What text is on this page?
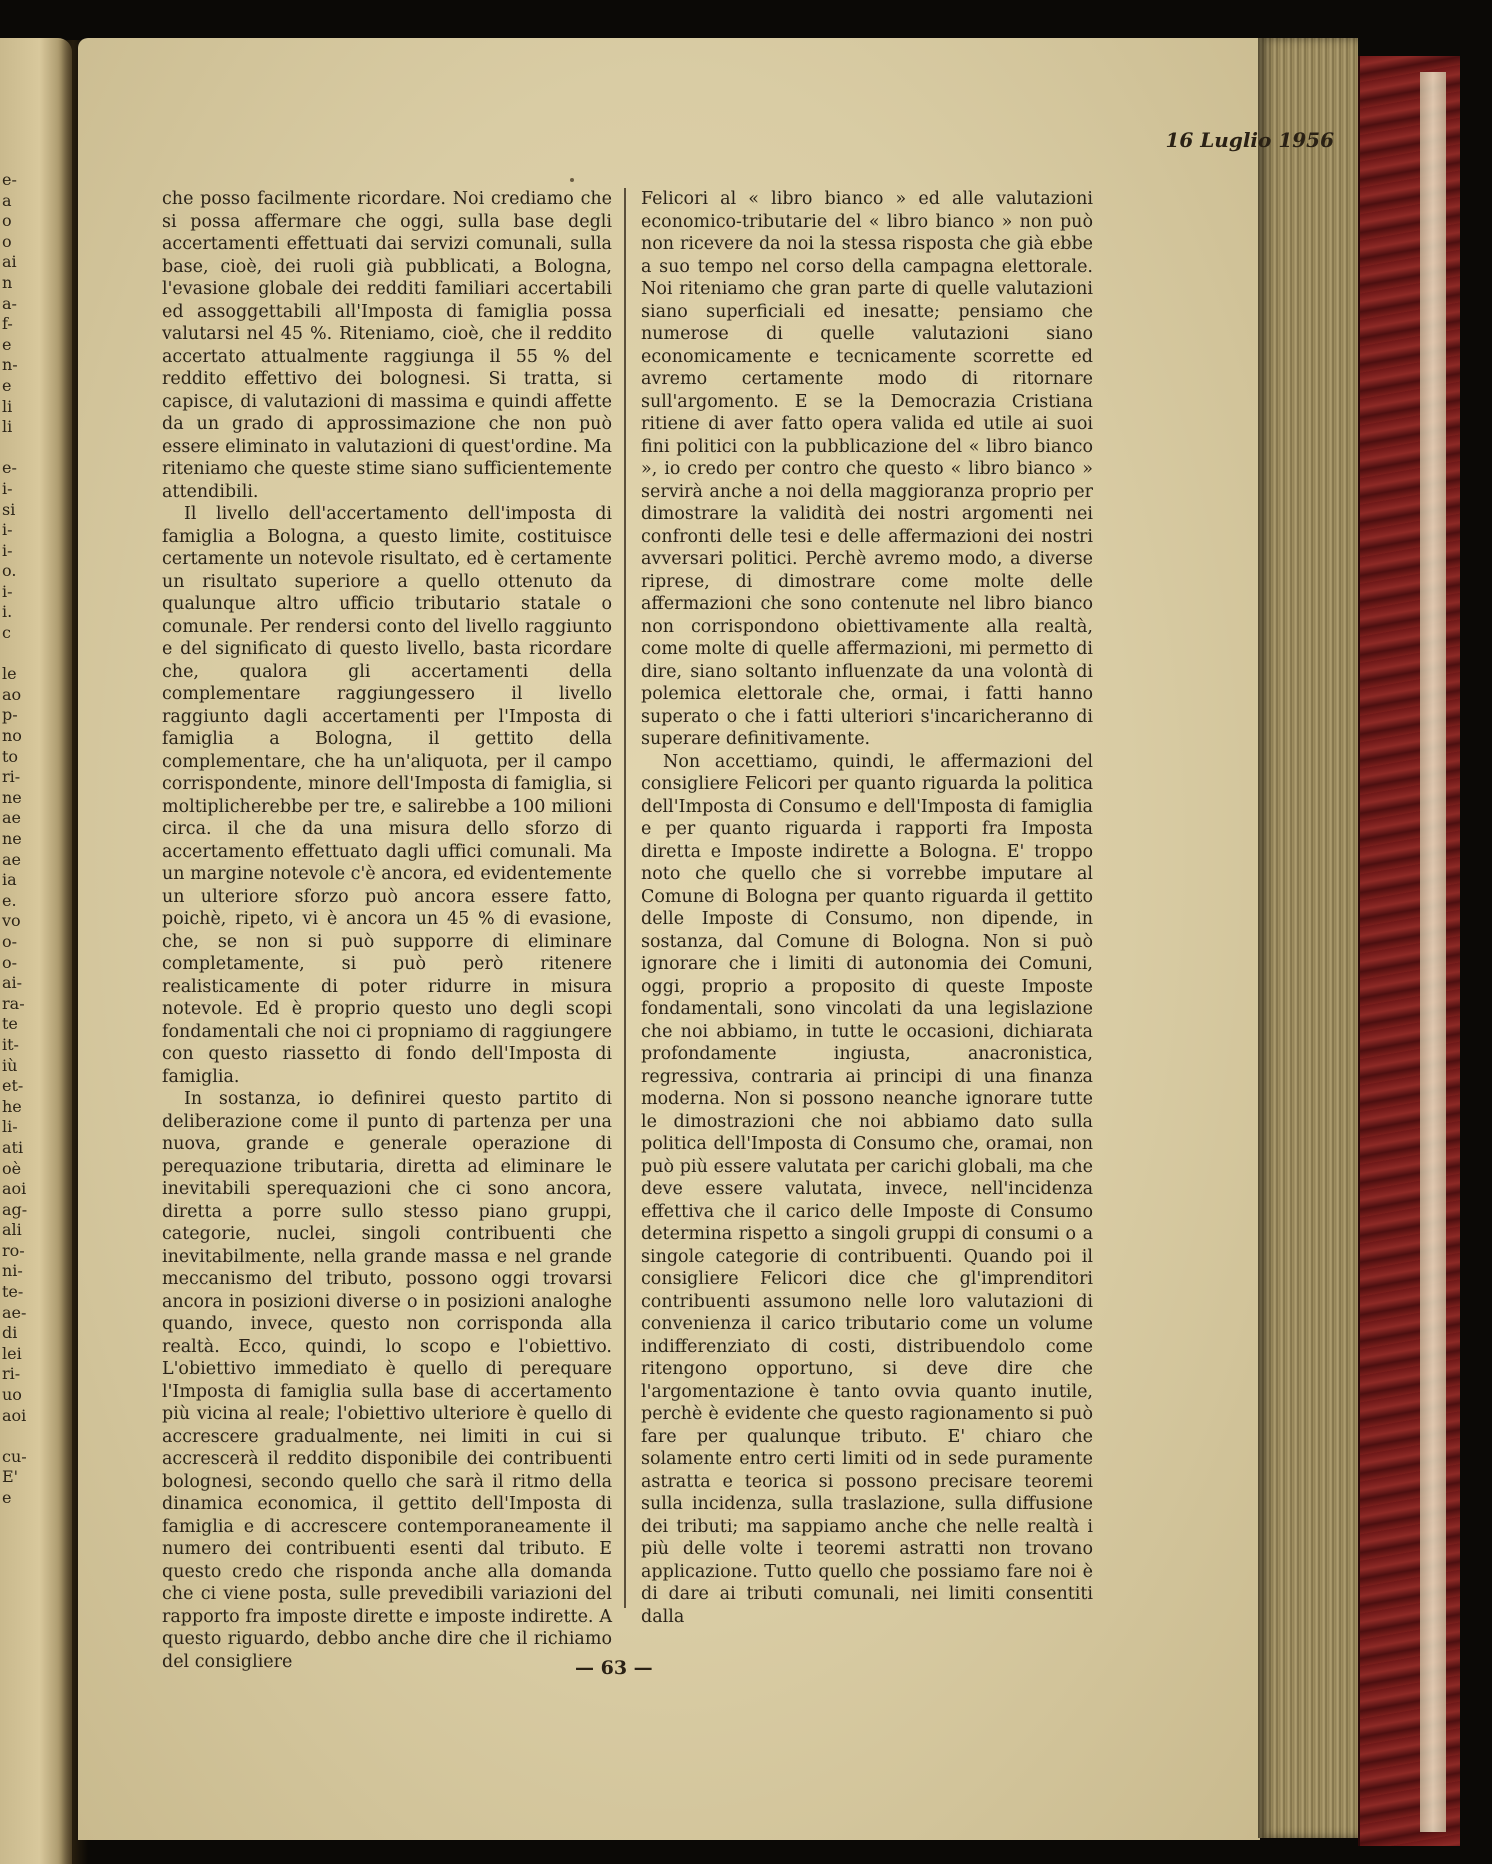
e-
a
o
o
ai
n
a-
f-
e
n-
e
li
li

e-
i-
si
i-
i-
o.
i-
i.
c

le
ao
p-
no
to
ri-
ne
ae
ne
ae
ia
e.
vo
o-
o-
ai-
ra-
te
it-
iù
et-
he
li-
ati
oè
aoi
ag-
ali
ro-
ni-
te-
ae-
di
lei
ri-
uo
aoi

cu-
E'
e
16 Luglio 1956

che posso facilmente ricordare. Noi crediamo che si possa affermare che oggi, sulla base degli accertamenti effettuati dai servizi comunali, sulla base, cioè, dei ruoli già pubblicati, a Bologna, l'evasione globale dei redditi familiari accertabili ed assoggettabili all'Imposta di famiglia possa valutarsi nel 45 %. Riteniamo, cioè, che il reddito accertato attualmente raggiunga il 55 % del reddito effettivo dei bolognesi. Si tratta, si capisce, di valutazioni di massima e quindi affette da un grado di approssimazione che non può essere eliminato in valutazioni di quest'ordine. Ma riteniamo che queste stime siano sufficientemente attendibili.

Il livello dell'accertamento dell'imposta di famiglia a Bologna, a questo limite, costituisce certamente un notevole risultato, ed è certamente un risultato superiore a quello ottenuto da qualunque altro ufficio tributario statale o comunale. Per rendersi conto del livello raggiunto e del significato di questo livello, basta ricordare che, qualora gli accertamenti della complementare raggiungessero il livello raggiunto dagli accertamenti per l'Imposta di famiglia a Bologna, il gettito della complementare, che ha un'aliquota, per il campo corrispondente, minore dell'Imposta di famiglia, si moltiplicherebbe per tre, e salirebbe a 100 milioni circa. il che da una misura dello sforzo di accertamento effettuato dagli uffici comunali. Ma un margine notevole c'è ancora, ed evidentemente un ulteriore sforzo può ancora essere fatto, poichè, ripeto, vi è ancora un 45 % di evasione, che, se non si può supporre di eliminare completamente, si può però ritenere realisticamente di poter ridurre in misura notevole. Ed è proprio questo uno degli scopi fondamentali che noi ci propniamo di raggiungere con questo riassetto di fondo dell'Imposta di famiglia.

In sostanza, io definirei questo partito di deliberazione come il punto di partenza per una nuova, grande e generale operazione di perequazione tributaria, diretta ad eliminare le inevitabili sperequazioni che ci sono ancora, diretta a porre sullo stesso piano gruppi, categorie, nuclei, singoli contribuenti che inevitabilmente, nella grande massa e nel grande meccanismo del tributo, possono oggi trovarsi ancora in posizioni diverse o in posizioni analoghe quando, invece, questo non corrisponda alla realtà. Ecco, quindi, lo scopo e l'obiettivo. L'obiettivo immediato è quello di perequare l'Imposta di famiglia sulla base di accertamento più vicina al reale; l'obiettivo ulteriore è quello di accrescere gradualmente, nei limiti in cui si accrescerà il reddito disponibile dei contribuenti bolognesi, secondo quello che sarà il ritmo della dinamica economica, il gettito dell'Imposta di famiglia e di accrescere contemporaneamente il numero dei contribuenti esenti dal tributo. E questo credo che risponda anche alla domanda che ci viene posta, sulle prevedibili variazioni del rapporto fra imposte dirette e imposte indirette. A questo riguardo, debbo anche dire che il richiamo del consigliere

Felicori al « libro bianco » ed alle valutazioni economico-tributarie del « libro bianco » non può non ricevere da noi la stessa risposta che già ebbe a suo tempo nel corso della campagna elettorale. Noi riteniamo che gran parte di quelle valutazioni siano superficiali ed inesatte; pensiamo che numerose di quelle valutazioni siano economicamente e tecnicamente scorrette ed avremo certamente modo di ritornare sull'argomento. E se la Democrazia Cristiana ritiene di aver fatto opera valida ed utile ai suoi fini politici con la pubblicazione del « libro bianco », io credo per contro che questo « libro bianco » servirà anche a noi della maggioranza proprio per dimostrare la validità dei nostri argomenti nei confronti delle tesi e delle affermazioni dei nostri avversari politici. Perchè avremo modo, a diverse riprese, di dimostrare come molte delle affermazioni che sono contenute nel libro bianco non corrispondono obiettivamente alla realtà, come molte di quelle affermazioni, mi permetto di dire, siano soltanto influenzate da una volontà di polemica elettorale che, ormai, i fatti hanno superato o che i fatti ulteriori s'incaricheranno di superare definitivamente.

Non accettiamo, quindi, le affermazioni del consigliere Felicori per quanto riguarda la politica dell'Imposta di Consumo e dell'Imposta di famiglia e per quanto riguarda i rapporti fra Imposta diretta e Imposte indirette a Bologna. E' troppo noto che quello che si vorrebbe imputare al Comune di Bologna per quanto riguarda il gettito delle Imposte di Consumo, non dipende, in sostanza, dal Comune di Bologna. Non si può ignorare che i limiti di autonomia dei Comuni, oggi, proprio a proposito di queste Imposte fondamentali, sono vincolati da una legislazione che noi abbiamo, in tutte le occasioni, dichiarata profondamente ingiusta, anacronistica, regressiva, contraria ai principi di una finanza moderna. Non si possono neanche ignorare tutte le dimostrazioni che noi abbiamo dato sulla politica dell'Imposta di Consumo che, oramai, non può più essere valutata per carichi globali, ma che deve essere valutata, invece, nell'incidenza effettiva che il carico delle Imposte di Consumo determina rispetto a singoli gruppi di consumi o a singole categorie di contribuenti. Quando poi il consigliere Felicori dice che gl'imprenditori contribuenti assumono nelle loro valutazioni di convenienza il carico tributario come un volume indifferenziato di costi, distribuendolo come ritengono opportuno, si deve dire che l'argomentazione è tanto ovvia quanto inutile, perchè è evidente che questo ragionamento si può fare per qualunque tributo. E' chiaro che solamente entro certi limiti od in sede puramente astratta e teorica si possono precisare teoremi sulla incidenza, sulla traslazione, sulla diffusione dei tributi; ma sappiamo anche che nelle realtà i più delle volte i teoremi astratti non trovano applicazione. Tutto quello che possiamo fare noi è di dare ai tributi comunali, nei limiti consentiti dalla

— 63 —
